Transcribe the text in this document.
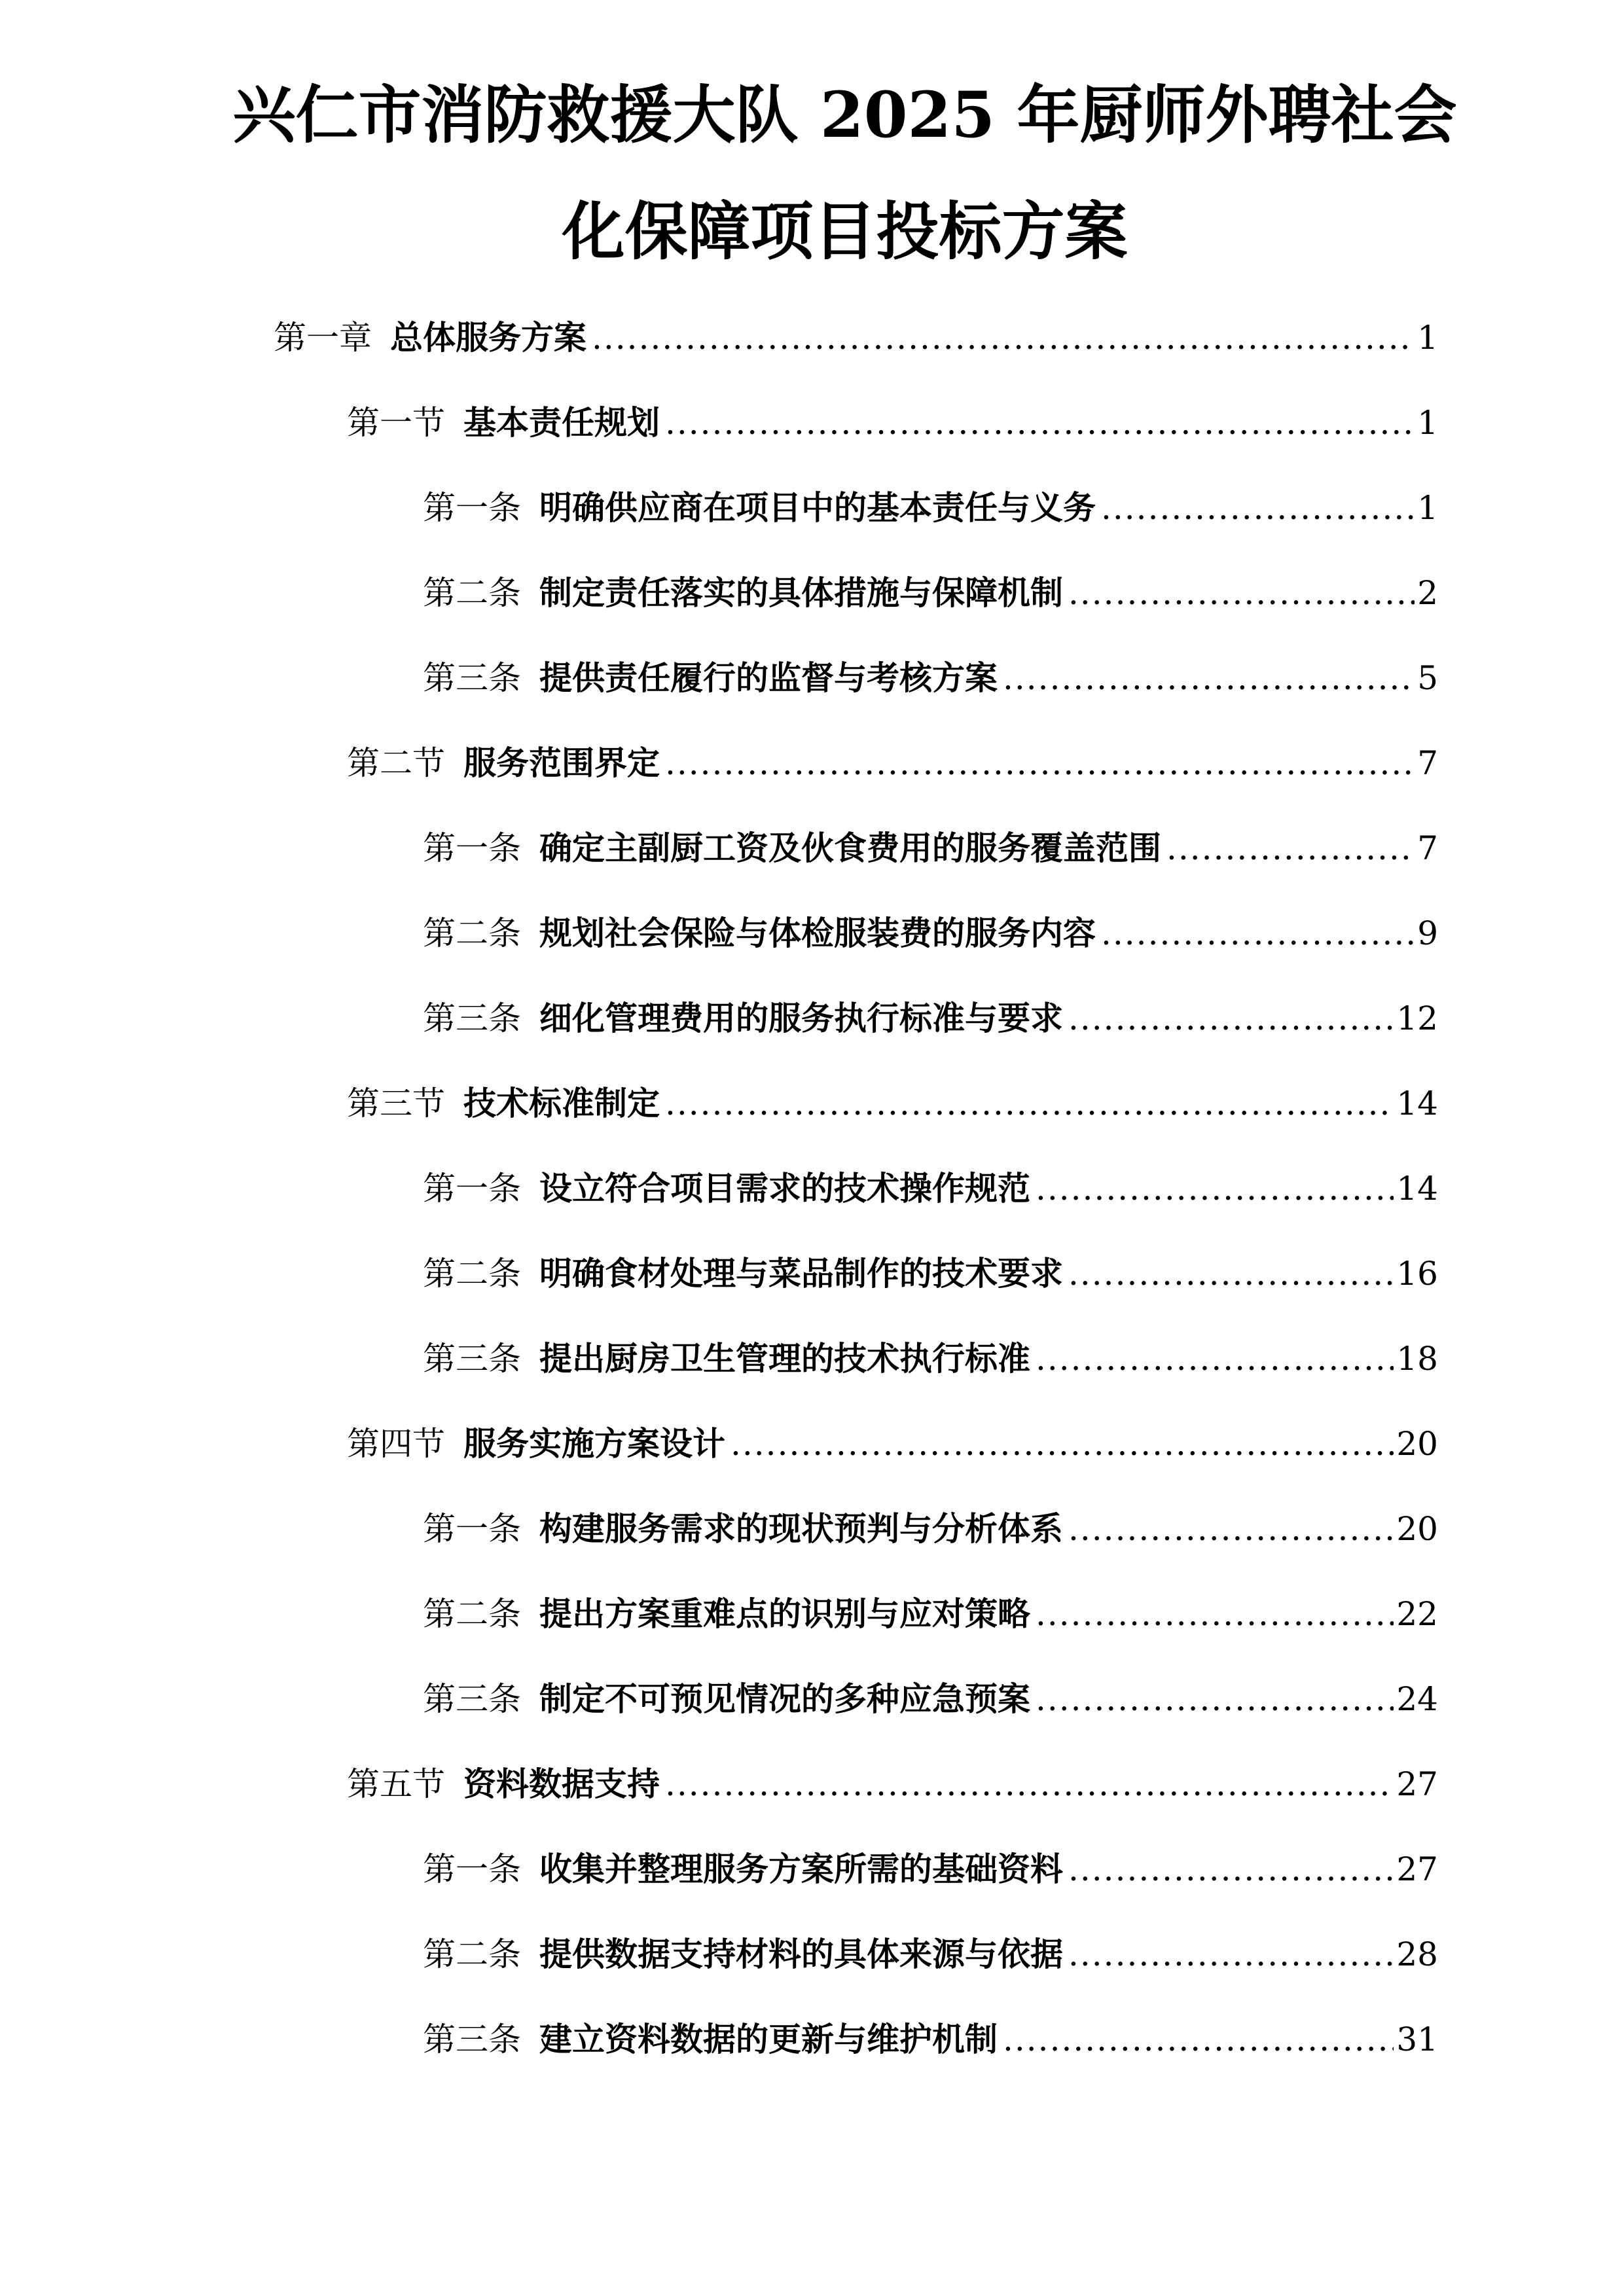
兴仁市消防救援大队 2025 年厨师外聘社会
化保障项目投标方案
第一章 总体服务方案 .....	1
第一节 基本责任规划 .....	1
第一条 明确供应商在项目中的基本责任与义务 .....	1
第二条 制定责任落实的具体措施与保障机制 .....	2
第三条 提供责任履行的监督与考核方案 .....	5
第二节 服务范围界定 .....	7
第一条 确定主副厨工资及伙食费用的服务覆盖范围 .....	7
第二条 规划社会保险与体检服装费的服务内容 .....	9
第三条 细化管理费用的服务执行标准与要求 .....	12
第三节 技术标准制定 .....	14
第一条 设立符合项目需求的技术操作规范 .....	14
第二条 明确食材处理与菜品制作的技术要求 .....	16
第三条 提出厨房卫生管理的技术执行标准 .....	18
第四节 服务实施方案设计 .....	20
第一条 构建服务需求的现状预判与分析体系 .....	20
第二条 提出方案重难点的识别与应对策略 .....	22
第三条 制定不可预见情况的多种应急预案 .....	24
第五节 资料数据支持 .....	27
第一条 收集并整理服务方案所需的基础资料 .....	27
第二条 提供数据支持材料的具体来源与依据 .....	28
第三条 建立资料数据的更新与维护机制 .....	31
